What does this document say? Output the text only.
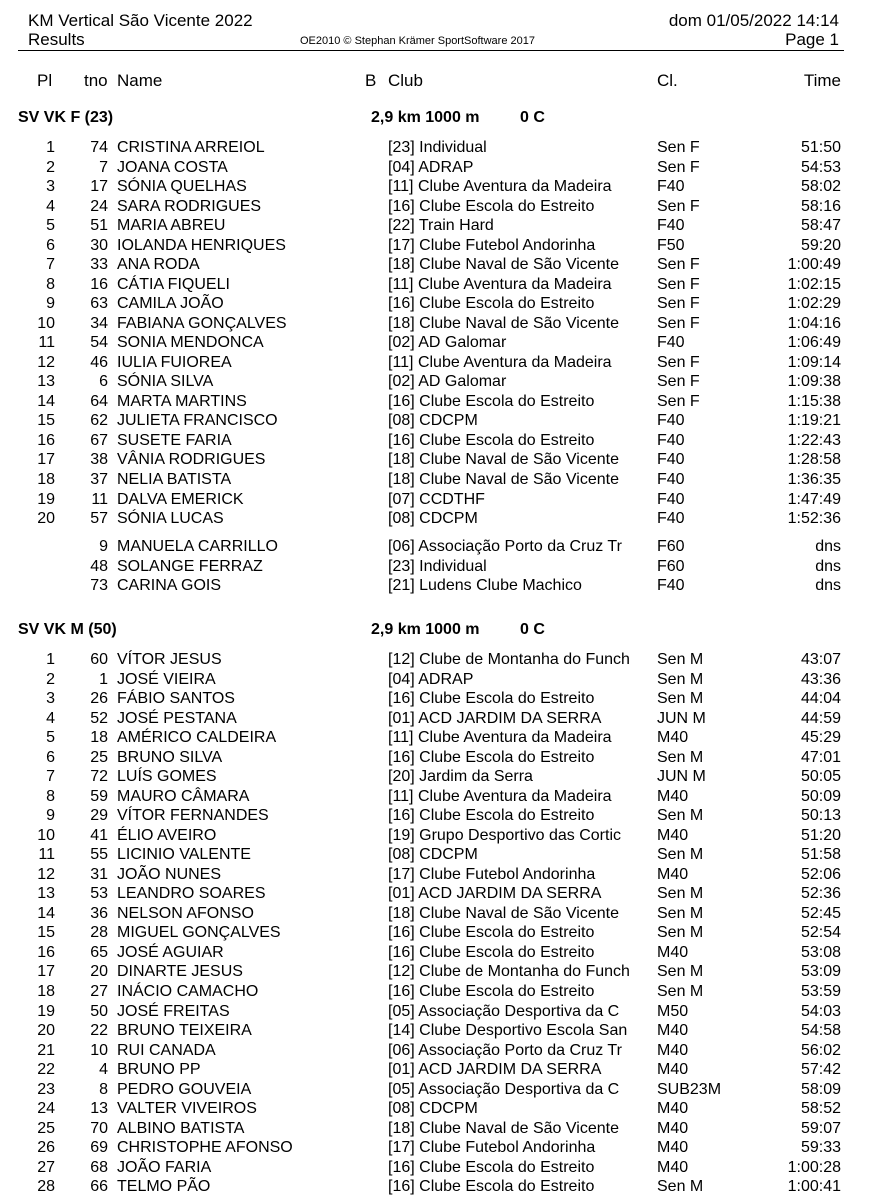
KM Vertical São Vicente 2022
Results	OE2010 © Stephan Krämer SportSoftware 2017
dom 01/05/2022 14:14
Page 1
Pl tno Name	B Club	Cl.	Time
SV VK F (23)	2,9 km 1000 m	0 C
1	74 CRISTINA ARREIOL	[23] Individual	Sen F	51:50
2	7 JOANA COSTA	[04] ADRAP	Sen F	54:53
3	17 SÓNIA QUELHAS	[11] Clube Aventura da Madeira	F40	58:02
4	24 SARA RODRIGUES	[16] Clube Escola do Estreito	Sen F	58:16
5	51 MARIA ABREU	[22] Train Hard	F40	58:47
6	30 IOLANDA HENRIQUES	[17] Clube Futebol Andorinha	F50	59:20
7	33 ANA RODA	[18] Clube Naval de São Vicente	Sen F	1:00:49
8	16 CÁTIA FIQUELI	[11] Clube Aventura da Madeira	Sen F	1:02:15
9	63 CAMILA JOÃO	[16] Clube Escola do Estreito	Sen F	1:02:29
10	34 FABIANA GONÇALVES	[18] Clube Naval de São Vicente	Sen F	1:04:16
11	54 SONIA MENDONCA	[02] AD Galomar	F40	1:06:49
12	46 IULIA FUIOREA	[11] Clube Aventura da Madeira	Sen F	1:09:14
13	6 SÓNIA SILVA	[02] AD Galomar	Sen F	1:09:38
14	64 MARTA MARTINS	[16] Clube Escola do Estreito	Sen F	1:15:38
15	62 JULIETA FRANCISCO	[08] CDCPM	F40	1:19:21
16	67 SUSETE FARIA	[16] Clube Escola do Estreito	F40	1:22:43
17	38 VÂNIA RODRIGUES	[18] Clube Naval de São Vicente	F40	1:28:58
18	37 NELIA BATISTA	[18] Clube Naval de São Vicente	F40	1:36:35
19	11 DALVA EMERICK	[07] CCDTHF	F40	1:47:49
20	57 SÓNIA LUCAS	[08] CDCPM	F40	1:52:36
9 MANUELA CARRILLO	[06] Associação Porto da Cruz Tr	F60	dns
48 SOLANGE FERRAZ	[23] Individual	F60	dns
73 CARINA GOIS	[21] Ludens Clube Machico	F40	dns
SV VK M (50)	2,9 km 1000 m	0 C
1	60 VÍTOR JESUS	[12] Clube de Montanha do Funch	Sen M	43:07
2	1 JOSÉ VIEIRA	[04] ADRAP	Sen M	43:36
3	26 FÁBIO SANTOS	[16] Clube Escola do Estreito	Sen M	44:04
4	52 JOSÉ PESTANA	[01] ACD JARDIM DA SERRA	JUN M	44:59
5	18 AMÉRICO CALDEIRA	[11] Clube Aventura da Madeira	M40	45:29
6	25 BRUNO SILVA	[16] Clube Escola do Estreito	Sen M	47:01
7	72 LUÍS GOMES	[20] Jardim da Serra	JUN M	50:05
8	59 MAURO CÂMARA	[11] Clube Aventura da Madeira	M40	50:09
9	29 VÍTOR FERNANDES	[16] Clube Escola do Estreito	Sen M	50:13
10	41 ÉLIO AVEIRO	[19] Grupo Desportivo das Cortic	M40	51:20
11	55 LICINIO VALENTE	[08] CDCPM	Sen M	51:58
12	31 JOÃO NUNES	[17] Clube Futebol Andorinha	M40	52:06
13	53 LEANDRO SOARES	[01] ACD JARDIM DA SERRA	Sen M	52:36
14	36 NELSON AFONSO	[18] Clube Naval de São Vicente	Sen M	52:45
15	28 MIGUEL GONÇALVES	[16] Clube Escola do Estreito	Sen M	52:54
16	65 JOSÉ AGUIAR	[16] Clube Escola do Estreito	M40	53:08
17	20 DINARTE JESUS	[12] Clube de Montanha do Funch	Sen M	53:09
18	27 INÁCIO CAMACHO	[16] Clube Escola do Estreito	Sen M	53:59
19	50 JOSÉ FREITAS	[05] Associação Desportiva da C	M50	54:03
20	22 BRUNO TEIXEIRA	[14] Clube Desportivo Escola San	M40	54:58
21	10 RUI CANADA	[06] Associação Porto da Cruz Tr	M40	56:02
22	4 BRUNO PP	[01] ACD JARDIM DA SERRA	M40	57:42
23	8 PEDRO GOUVEIA	[05] Associação Desportiva da C	SUB23M	58:09
24	13 VALTER VIVEIROS	[08] CDCPM	M40	58:52
25	70 ALBINO BATISTA	[18] Clube Naval de São Vicente	M40	59:07
26	69 CHRISTOPHE AFONSO	[17] Clube Futebol Andorinha	M40	59:33
27	68 JOÃO FARIA	[16] Clube Escola do Estreito	M40	1:00:28
28	66 TELMO PÃO	[16] Clube Escola do Estreito	Sen M	1:00:41
